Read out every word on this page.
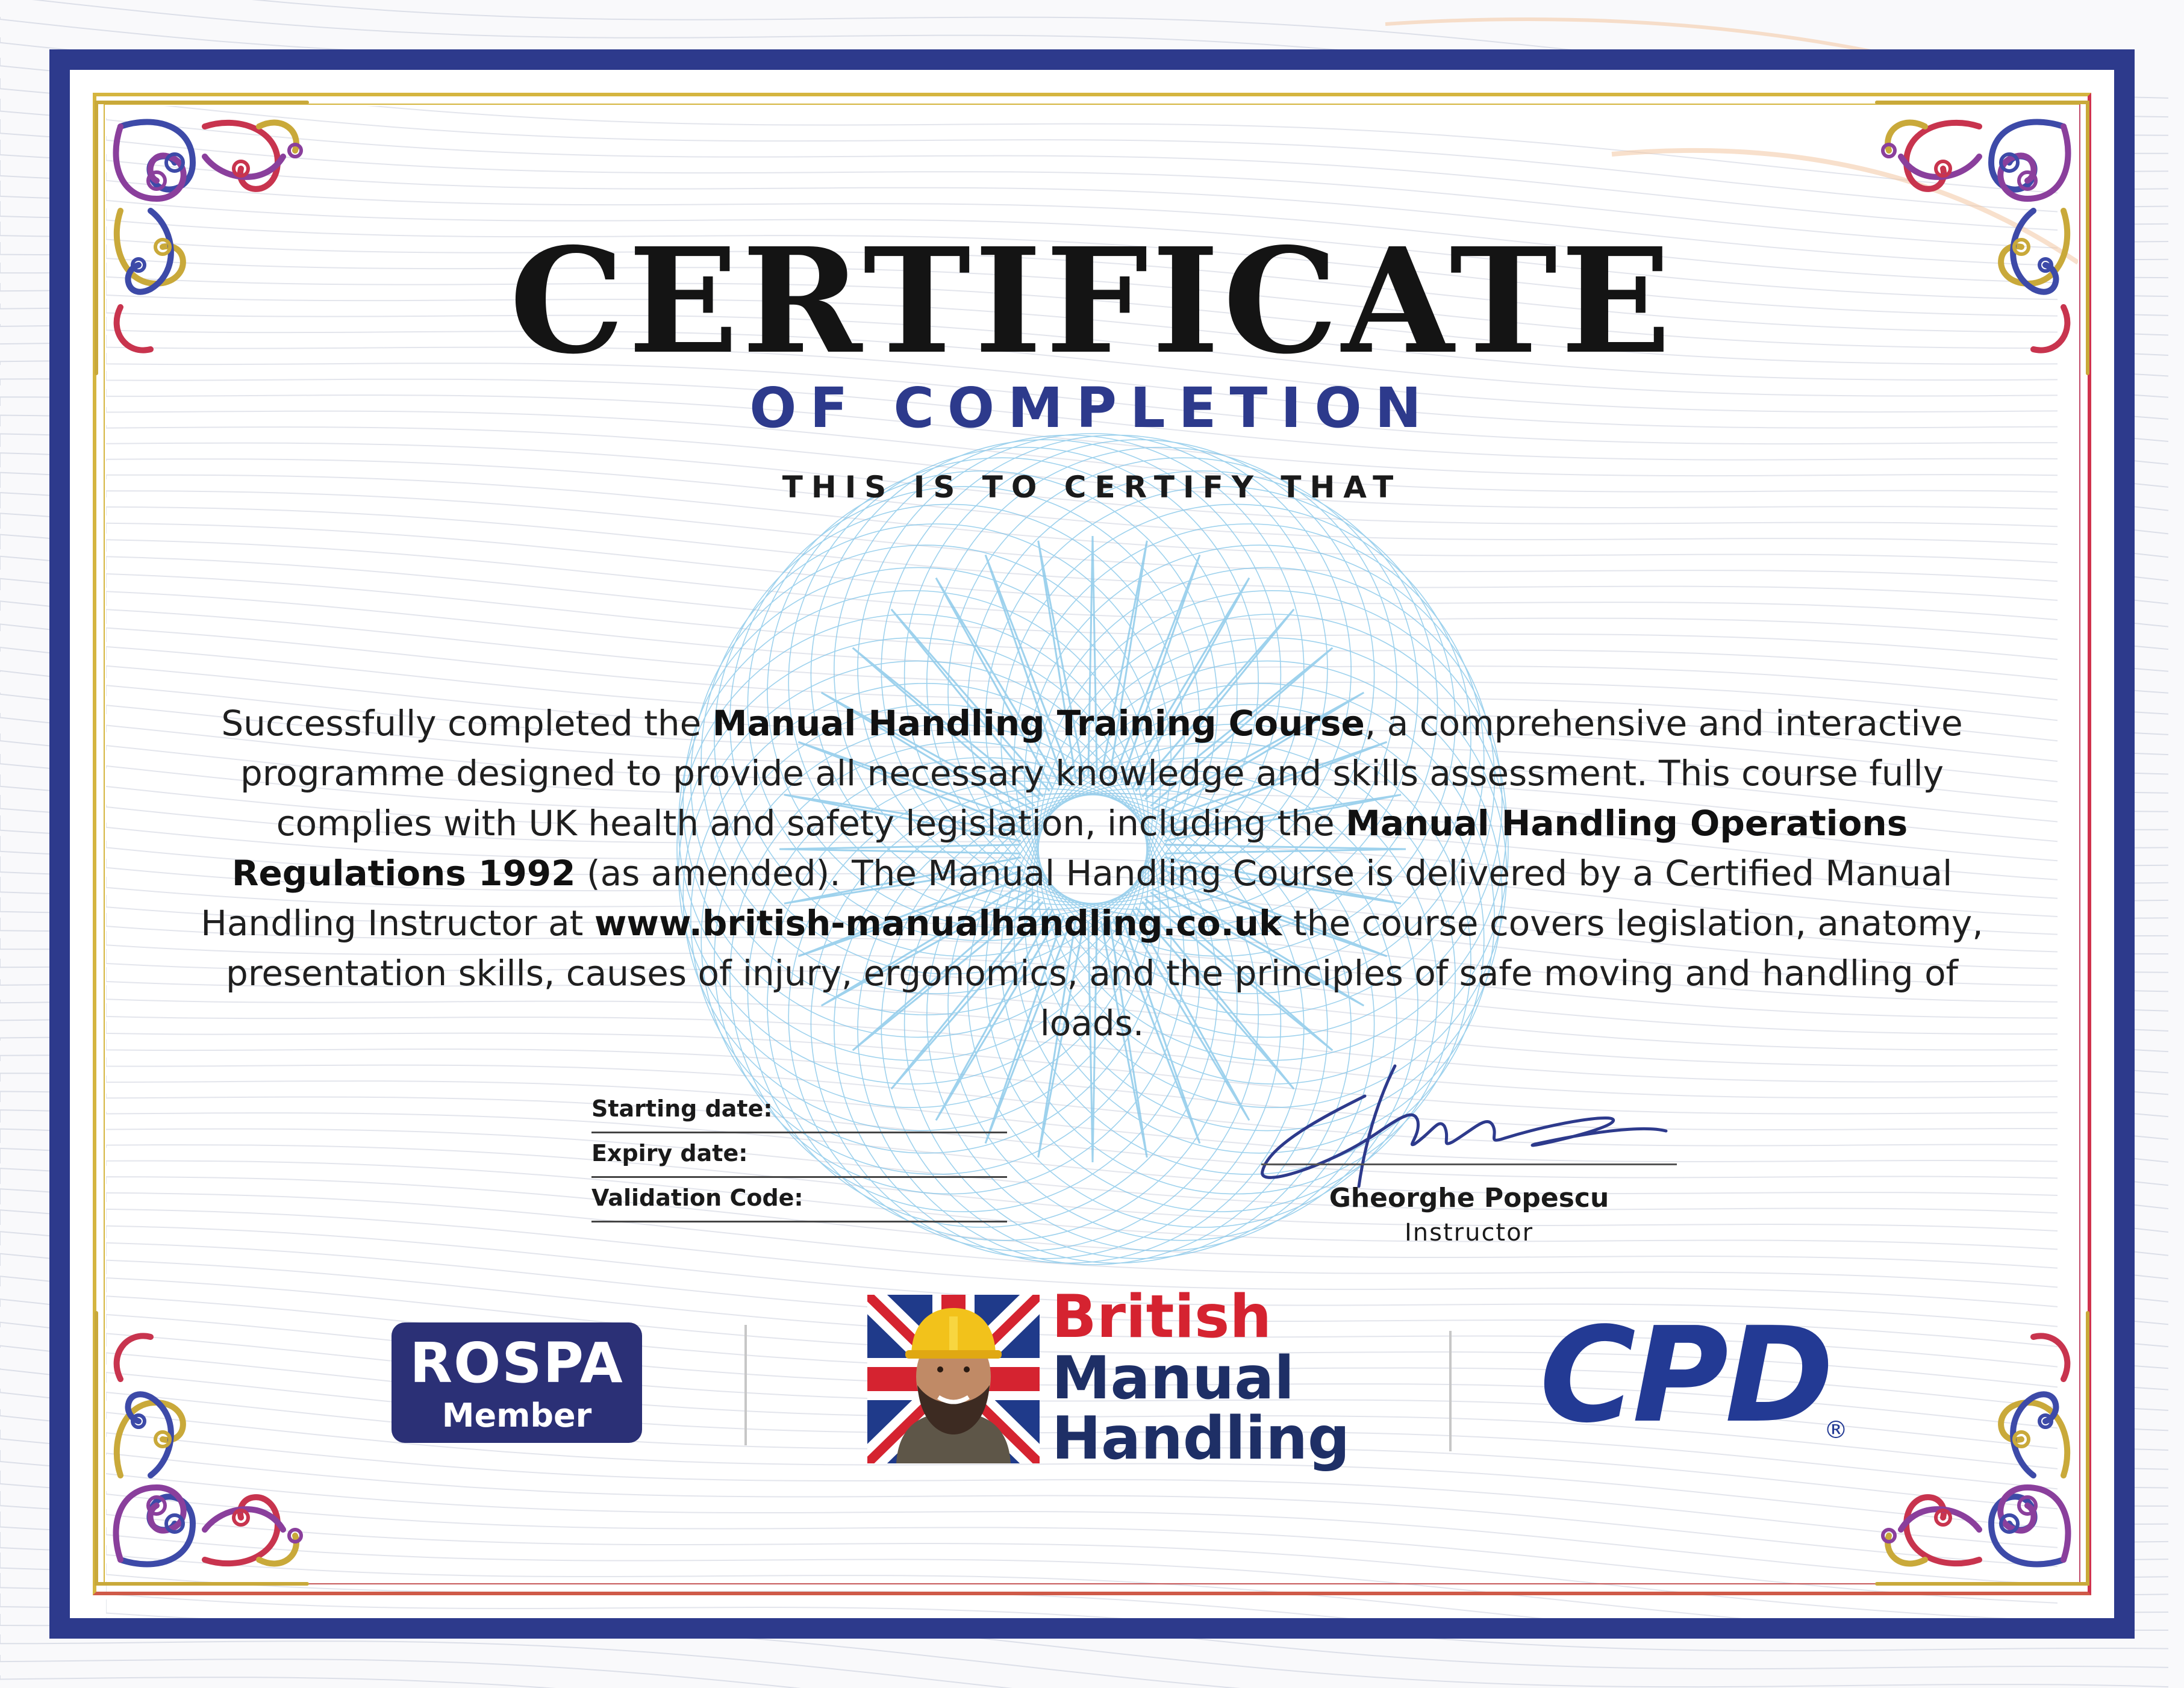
CERTIFICATE
OF COMPLETION
THIS IS TO CERTIFY THAT
Successfully completed the Manual Handling Training Course, a comprehensive and interactive programme designed to provide all necessary knowledge and skills assessment. This course fully complies with UK health and safety legislation, including the Manual Handling Operations Regulations 1992 (as amended). The Manual Handling Course is delivered by a Certified Manual Handling Instructor at www.british-manualhandling.co.uk the course covers legislation, anatomy, presentation skills, causes of injury, ergonomics, and the principles of safe moving and handling of loads.
Starting date:
Expiry date:
Validation Code:	Gheorghe Popescu
Instructor
ROSPA
Member
British
Manual
Handling CPD
®
